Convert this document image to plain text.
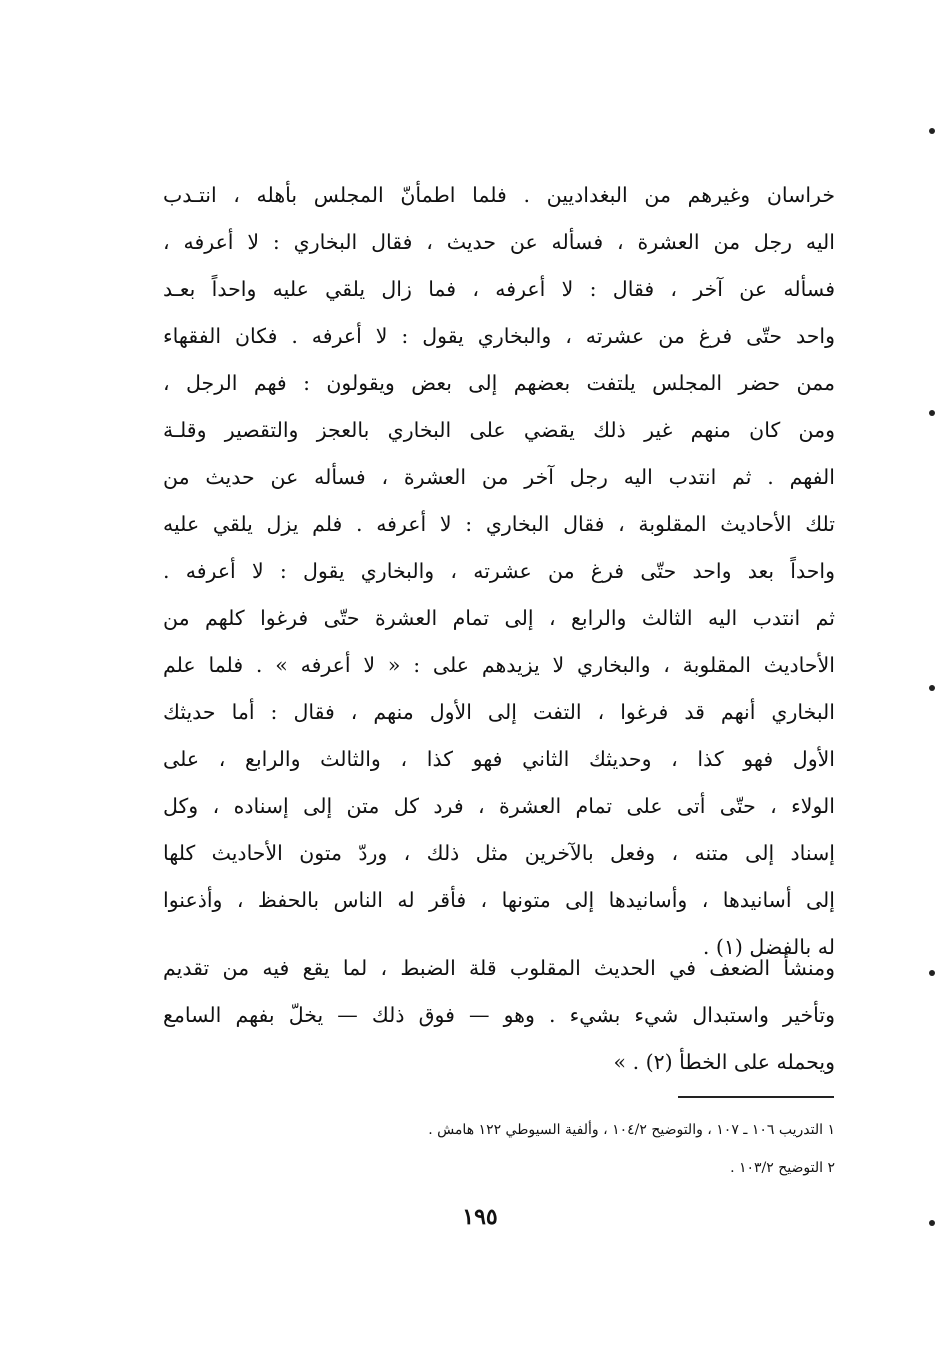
خراسان وغيرهم من البغداديين . فلما اطمأنّ المجلس بأهله ، انتـدب
اليه رجل من العشرة ، فسأله عن حديث ، فقال البخاري : لا أعرفه ،
فسأله عن آخر ، فقال : لا أعرفه ، فما زال يلقي عليه واحداً بعـد
واحد حتّى فرغ من عشرته ، والبخاري يقول : لا أعرفه . فكان الفقهاء
ممن حضر المجلس يلتفت بعضهم إلى بعض ويقولون : فهم الرجل ،
ومن كان منهم غير ذلك يقضي على البخاري بالعجز والتقصير وقلـة
الفهم . ثم انتدب اليه رجل آخر من العشرة ، فسأله عن حديث من
تلك الأحاديث المقلوبة ، فقال البخاري : لا أعرفه . فلم يزل يلقي عليه
واحداً بعد واحد حتّى فرغ من عشرته ، والبخاري يقول : لا أعرفه .
ثم انتدب اليه الثالث والرابع ، إلى تمام العشرة حتّى فرغوا كلهم من
الأحاديث المقلوبة ، والبخاري لا يزيدهم على : « لا أعرفه » . فلما علم
البخاري أنهم قد فرغوا ، التفت إلى الأول منهم ، فقال : أما حديثك
الأول فهو كذا ، وحديثك الثاني فهو كذا ، والثالث والرابع ، على
الولاء ، حتّى أتى على تمام العشرة ، فرد كل متن إلى إسناده ، وكل
إسناد إلى متنه ، وفعل بالآخرين مثل ذلك ، وردّ متون الأحاديث كلها
إلى أسانيدها ، وأسانيدها إلى متونها ، فأقر له الناس بالحفظ ، وأذعنوا
له بالفضل (١) .
ومنشأ الضعف في الحديث المقلوب قلة الضبط ، لما يقع فيه من تقديم
وتأخير واستبدال شيء بشيء . وهو — فوق ذلك — يخلّ بفهم السامع
ويحمله على الخطأ (٢) . »
١ التدريب ١٠٦ ـ ١٠٧ ، والتوضيح ١٠٤/٢ ، وألفية السيوطي ١٢٢ هامش .
٢ التوضيح ١٠٣/٢ .
١٩٥
